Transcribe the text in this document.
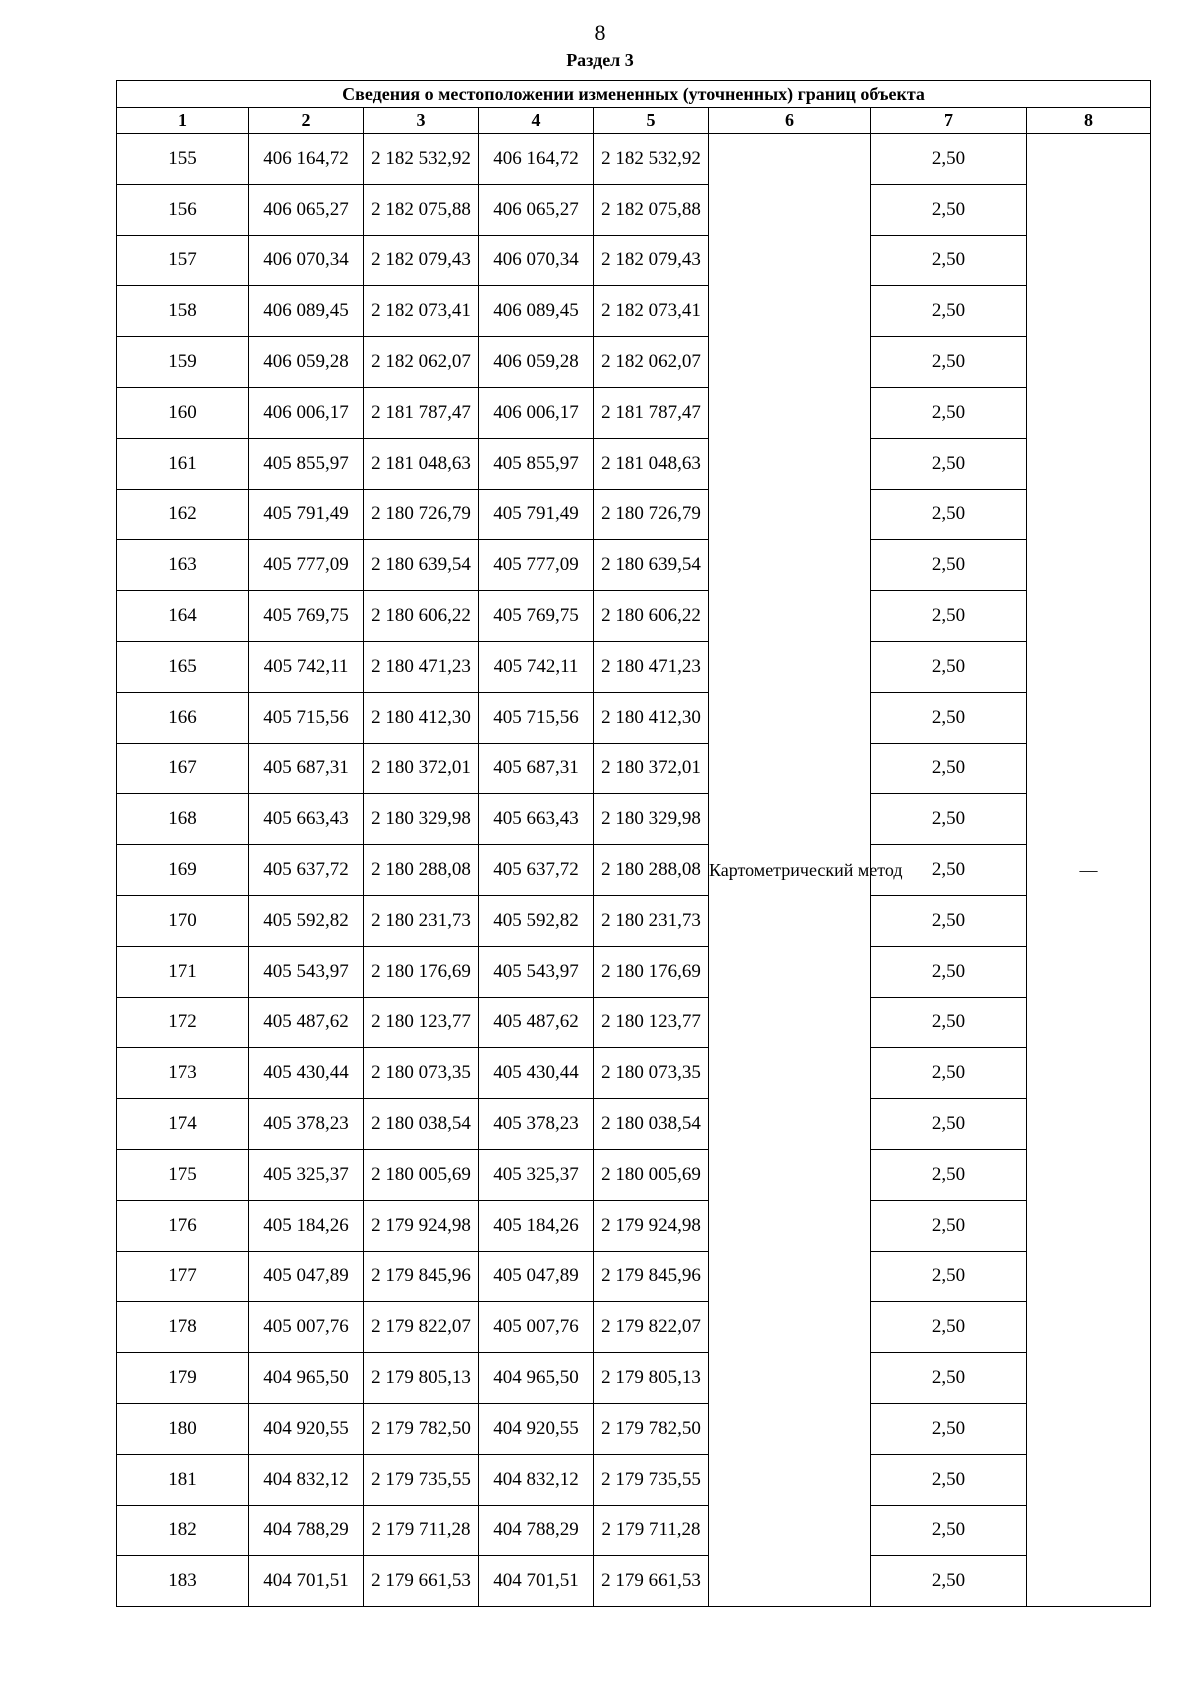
8
Раздел 3
Сведения о местоположении измененных (уточненных) границ объекта							
1	2	3	4	5	6	7	8
155	406 164,72	2 182 532,92	406 164,72	2 182 532,92	Картометрический метод	2,50	—
156	406 065,27	2 182 075,88	406 065,27	2 182 075,88		2,50	
157	406 070,34	2 182 079,43	406 070,34	2 182 079,43		2,50	
158	406 089,45	2 182 073,41	406 089,45	2 182 073,41		2,50	
159	406 059,28	2 182 062,07	406 059,28	2 182 062,07		2,50	
160	406 006,17	2 181 787,47	406 006,17	2 181 787,47		2,50	
161	405 855,97	2 181 048,63	405 855,97	2 181 048,63		2,50	
162	405 791,49	2 180 726,79	405 791,49	2 180 726,79		2,50	
163	405 777,09	2 180 639,54	405 777,09	2 180 639,54		2,50	
164	405 769,75	2 180 606,22	405 769,75	2 180 606,22		2,50	
165	405 742,11	2 180 471,23	405 742,11	2 180 471,23		2,50	
166	405 715,56	2 180 412,30	405 715,56	2 180 412,30		2,50	
167	405 687,31	2 180 372,01	405 687,31	2 180 372,01		2,50	
168	405 663,43	2 180 329,98	405 663,43	2 180 329,98		2,50	
169	405 637,72	2 180 288,08	405 637,72	2 180 288,08		2,50	
170	405 592,82	2 180 231,73	405 592,82	2 180 231,73		2,50	
171	405 543,97	2 180 176,69	405 543,97	2 180 176,69		2,50	
172	405 487,62	2 180 123,77	405 487,62	2 180 123,77		2,50	
173	405 430,44	2 180 073,35	405 430,44	2 180 073,35		2,50	
174	405 378,23	2 180 038,54	405 378,23	2 180 038,54		2,50	
175	405 325,37	2 180 005,69	405 325,37	2 180 005,69		2,50	
176	405 184,26	2 179 924,98	405 184,26	2 179 924,98		2,50	
177	405 047,89	2 179 845,96	405 047,89	2 179 845,96		2,50	
178	405 007,76	2 179 822,07	405 007,76	2 179 822,07		2,50	
179	404 965,50	2 179 805,13	404 965,50	2 179 805,13		2,50	
180	404 920,55	2 179 782,50	404 920,55	2 179 782,50		2,50	
181	404 832,12	2 179 735,55	404 832,12	2 179 735,55		2,50	
182	404 788,29	2 179 711,28	404 788,29	2 179 711,28		2,50	
183	404 701,51	2 179 661,53	404 701,51	2 179 661,53		2,50	
